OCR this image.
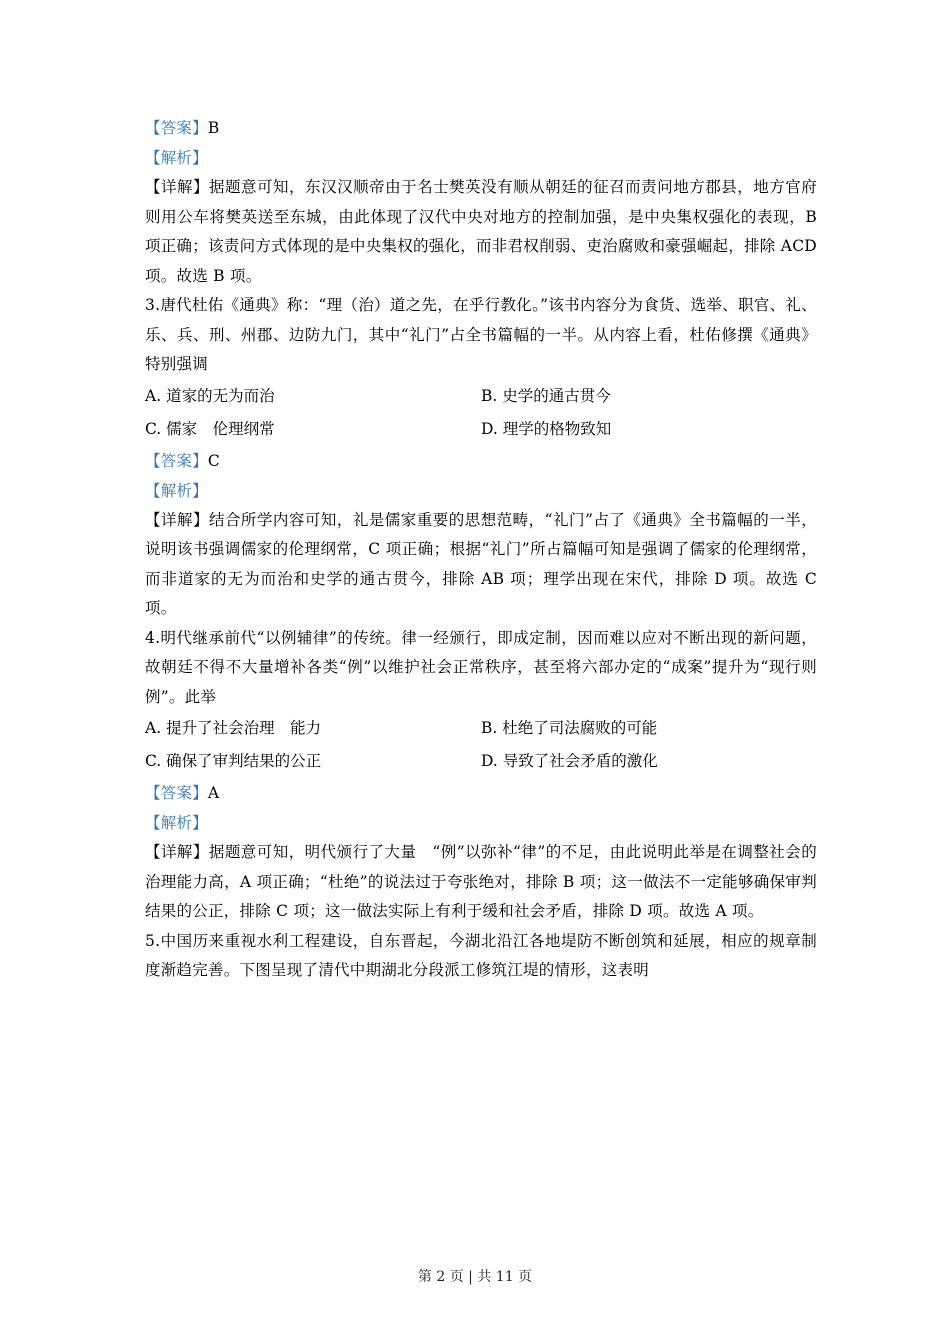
【答案】B
【解析】
【详解】据题意可知，东汉汉顺帝由于名士樊英没有顺从朝廷的征召而责问地方郡县，地方官府则用公车将樊英送至东城，由此体现了汉代中央对地方的控制加强，是中央集权强化的表现，B 项正确；该责问方式体现的是中央集权的强化，而非君权削弱、吏治腐败和豪强崛起，排除 ACD 项。故选 B 项。
3.唐代杜佑《通典》称：“理（治）道之先，在乎行教化。”该书内容分为食货、选举、职官、礼、乐、兵、刑、州郡、边防九门，其中“礼门”占全书篇幅的一半。从内容上看，杜佑修撰《通典》特别强调
A. 道家的无为而治	B. 史学的通古贯今
C. 儒家　伦理纲常	D. 理学的格物致知
【答案】C
【解析】
【详解】结合所学内容可知，礼是儒家重要的思想范畴，“礼门”占了《通典》全书篇幅的一半，说明该书强调儒家的伦理纲常，C 项正确；根据“礼门”所占篇幅可知是强调了儒家的伦理纲常，而非道家的无为而治和史学的通古贯今，排除 AB 项；理学出现在宋代，排除 D 项。故选 C 项。
4.明代继承前代“以例辅律”的传统。律一经颁行，即成定制，因而难以应对不断出现的新问题，故朝廷不得不大量增补各类“例”以维护社会正常秩序，甚至将六部办定的“成案”提升为“现行则例”。此举
A. 提升了社会治理　能力	B. 杜绝了司法腐败的可能
C. 确保了审判结果的公正	D. 导致了社会矛盾的激化
【答案】A
【解析】
【详解】据题意可知，明代颁行了大量　“例”以弥补“律”的不足，由此说明此举是在调整社会的治理能力高，A 项正确；“杜绝”的说法过于夸张绝对，排除 B 项；这一做法不一定能够确保审判结果的公正，排除 C 项；这一做法实际上有利于缓和社会矛盾，排除 D 项。故选 A 项。
5.中国历来重视水利工程建设，自东晋起，今湖北沿江各地堤防不断创筑和延展，相应的规章制度渐趋完善。下图呈现了清代中期湖北分段派工修筑江堤的情形，这表明
第 2 页 | 共 11 页
